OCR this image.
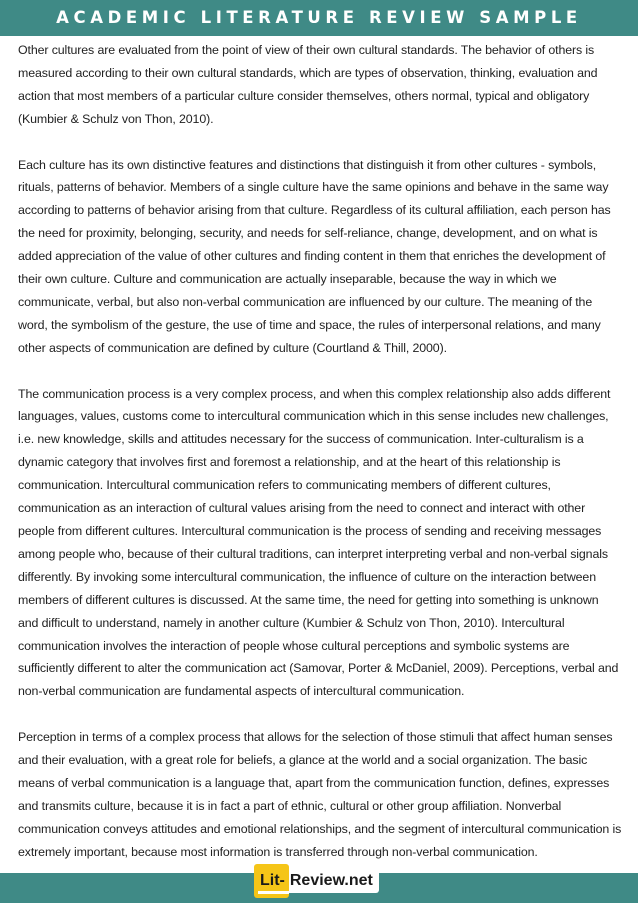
ACADEMIC LITERATURE REVIEW SAMPLE

Other cultures are evaluated from the point of view of their own cultural standards. The behavior of others is measured according to their own cultural standards, which are types of observation, thinking, evaluation and action that most members of a particular culture consider themselves, others normal, typical and obligatory (Kumbier & Schulz von Thon, 2010).

Each culture has its own distinctive features and distinctions that distinguish it from other cultures - symbols, rituals, patterns of behavior. Members of a single culture have the same opinions and behave in the same way according to patterns of behavior arising from that culture. Regardless of its cultural affiliation, each person has the need for proximity, belonging, security, and needs for self-reliance, change, development, and on what is added appreciation of the value of other cultures and finding content in them that enriches the development of their own culture. Culture and communication are actually inseparable, because the way in which we communicate, verbal, but also non-verbal communication are influenced by our culture. The meaning of the word, the symbolism of the gesture, the use of time and space, the rules of interpersonal relations, and many other aspects of communication are defined by culture (Courtland & Thill, 2000).

The communication process is a very complex process, and when this complex relationship also adds different languages, values, customs come to intercultural communication which in this sense includes new challenges, i.e. new knowledge, skills and attitudes necessary for the success of communication. Inter-culturalism is a dynamic category that involves first and foremost a relationship, and at the heart of this relationship is communication. Intercultural communication refers to communicating members of different cultures, communication as an interaction of cultural values arising from the need to connect and interact with other people from different cultures. Intercultural communication is the process of sending and receiving messages among people who, because of their cultural traditions, can interpret interpreting verbal and non-verbal signals differently. By invoking some intercultural communication, the influence of culture on the interaction between members of different cultures is discussed. At the same time, the need for getting into something is unknown and difficult to understand, namely in another culture (Kumbier & Schulz von Thon, 2010). Intercultural communication involves the interaction of people whose cultural perceptions and symbolic systems are sufficiently different to alter the communication act (Samovar, Porter & McDaniel, 2009). Perceptions, verbal and non-verbal communication are fundamental aspects of intercultural communication.

Perception in terms of a complex process that allows for the selection of those stimuli that affect human senses and their evaluation, with a great role for beliefs, a glance at the world and a social organization. The basic means of verbal communication is a language that, apart from the communication function, defines, expresses and transmits culture, because it is in fact a part of ethnic, cultural or other group affiliation. Nonverbal communication conveys attitudes and emotional relationships, and the segment of intercultural communication is extremely important, because most information is transferred through non-verbal communication.

Lit- Review.net
